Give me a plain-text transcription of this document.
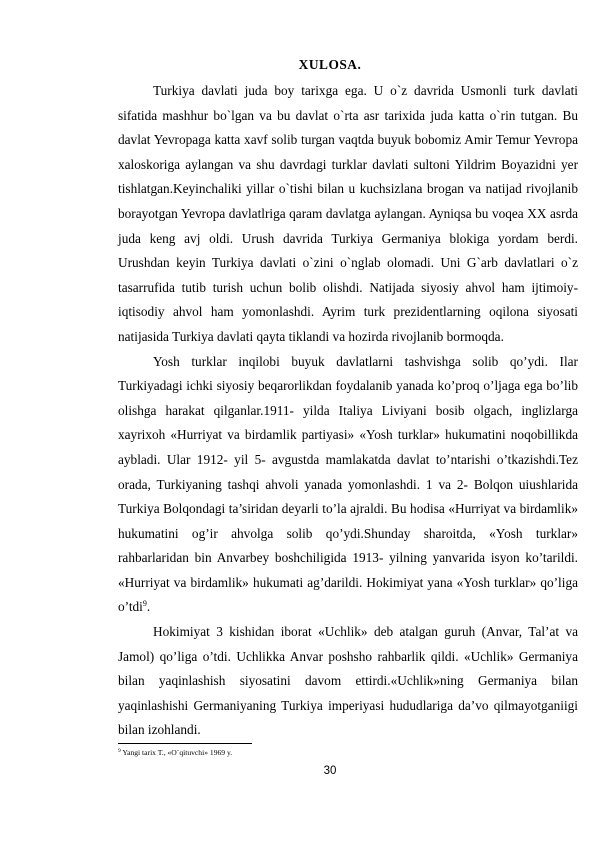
XULOSA.

Turkiya davlati juda boy tarixga ega. U o`z davrida Usmonli turk davlati sifatida mashhur bo`lgan va bu davlat o`rta asr tarixida juda katta o`rin tutgan. Bu davlat Yevropaga katta xavf solib turgan vaqtda buyuk bobomiz Amir Temur Yevropa xaloskoriga aylangan va shu davrdagi turklar davlati sultoni Yildrim Boyazidni yer tishlatgan.Keyinchaliki yillar o`tishi bilan u kuchsizlana brogan va natijad rivojlanib borayotgan Yevropa davlatlriga qaram davlatga aylangan. Ayniqsa bu voqea XX asrda juda keng avj oldi. Urush davrida Turkiya Germaniya blokiga yordam berdi. Urushdan keyin Turkiya davlati o`zini o`nglab olomadi. Uni G`arb davlatlari o`z tasarrufida tutib turish uchun bolib olishdi. Natijada siyosiy ahvol ham ijtimoiy-iqtisodiy ahvol ham yomonlashdi. Ayrim turk prezidentlarning oqilona siyosati natijasida Turkiya davlati qayta tiklandi va hozirda rivojlanib bormoqda.

Yosh turklar inqilobi buyuk davlatlarni tashvishga solib qo’ydi. Ilar Turkiyadagi ichki siyosiy beqarorlikdan foydalanib yanada ko’proq o’ljaga ega bo’lib olishga harakat qilganlar.1911- yilda Italiya Liviyani bosib olgach, inglizlarga xayrixoh «Hurriyat va birdamlik partiyasi» «Yosh turklar» hukumatini noqobillikda aybladi. Ular 1912- yil 5- avgustda mamlakatda davlat to’ntarishi o’tkazishdi.Tez orada, Turkiyaning tashqi ahvoli yanada yomonlashdi. 1 va 2- Bolqon uiushlarida Turkiya Bolqondagi ta’siridan deyarli to’la ajraldi. Bu hodisa «Hurriyat va birdamlik» hukumatini og’ir ahvolga solib qo’ydi.Shunday sharoitda, «Yosh turklar» rahbarlaridan bin Anvarbey boshchiligida 1913- yilning yanvarida isyon ko’tarildi. «Hurriyat va birdamlik» hukumati ag’darildi. Hokimiyat yana «Yosh turklar» qo’liga o’tdi$^9$.

Hokimiyat 3 kishidan iborat «Uchlik» deb atalgan guruh (Anvar, Tal’at va Jamol) qo’liga o’tdi. Uchlikka Anvar poshsho rahbarlik qildi. «Uchlik» Germaniya bilan yaqinlashish siyosatini davom ettirdi.«Uchlik»ning Germaniya bilan yaqinlashishi Germaniyaning Turkiya imperiyasi hududlariga da’vo qilmayotganiigi bilan izohlandi.

$^9$ Yangi tarix T., «O`qituvchi» 1969 y.
30
